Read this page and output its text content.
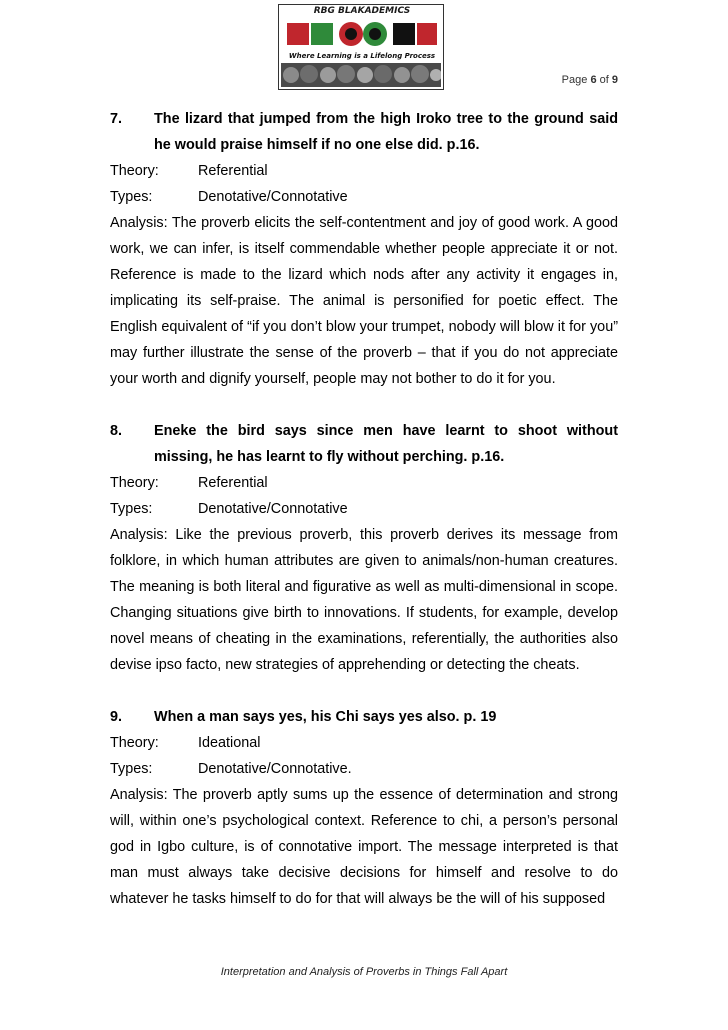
RBG BLAKADEMICS
Where Learning is a Lifelong Process
Page 6 of 9
7. The lizard that jumped from the high Iroko tree to the ground said he would praise himself if no one else did. p.16.
Theory:	Referential
Types:	Denotative/Connotative
Analysis: The proverb elicits the self-contentment and joy of good work. A good work, we can infer, is itself commendable whether people appreciate it or not. Reference is made to the lizard which nods after any activity it engages in, implicating its self-praise. The animal is personified for poetic effect. The English equivalent of “if you don’t blow your trumpet, nobody will blow it for you” may further illustrate the sense of the proverb – that if you do not appreciate your worth and dignify yourself, people may not bother to do it for you.
8. Eneke the bird says since men have learnt to shoot without missing, he has learnt to fly without perching. p.16.
Theory:	Referential
Types:	Denotative/Connotative
Analysis: Like the previous proverb, this proverb derives its message from folklore, in which human attributes are given to animals/non-human creatures. The meaning is both literal and figurative as well as multi-dimensional in scope. Changing situations give birth to innovations. If students, for example, develop novel means of cheating in the examinations, referentially, the authorities also devise ipso facto, new strategies of apprehending or detecting the cheats.
9. When a man says yes, his Chi says yes also. p. 19
Theory:	Ideational
Types:	Denotative/Connotative.
Analysis: The proverb aptly sums up the essence of determination and strong will, within one’s psychological context. Reference to chi, a person’s personal god in Igbo culture, is of connotative import. The message interpreted is that man must always take decisive decisions for himself and resolve to do whatever he tasks himself to do for that will always be the will of his supposed
Interpretation and Analysis of Proverbs in Things Fall Apart
